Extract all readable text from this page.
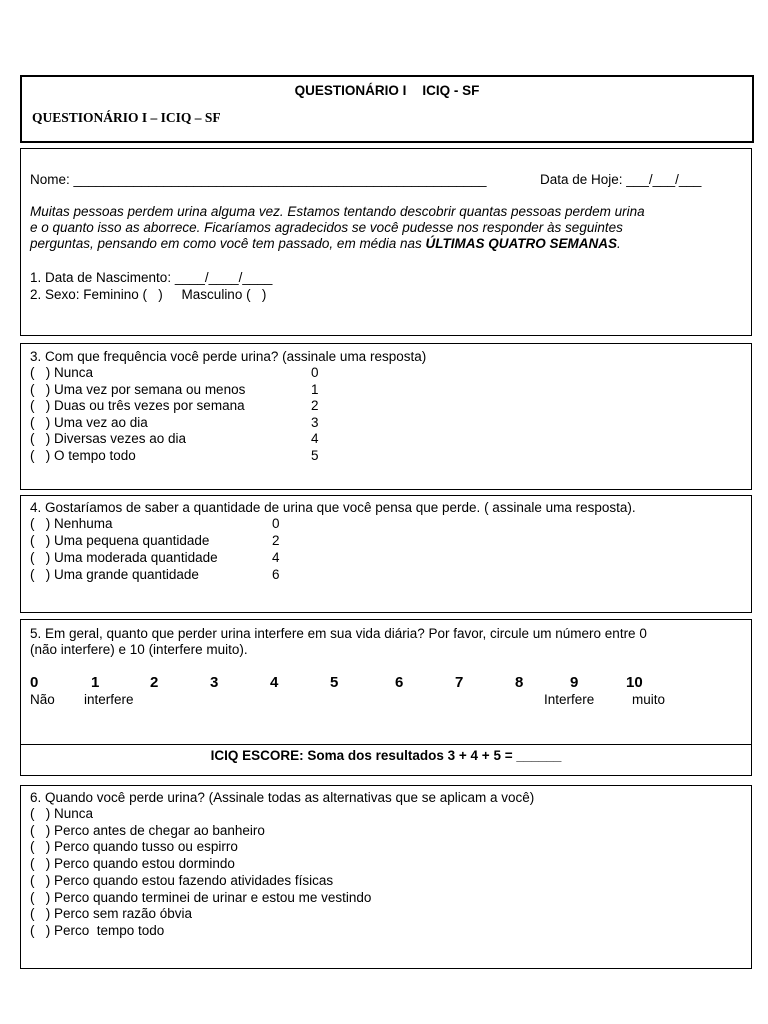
QUESTIONÁRIO I ICIQ - SF
QUESTIONÁRIO I – ICIQ – SF
Nome: _______________________________________________________	Data de Hoje: ___/___/___
Muitas pessoas perdem urina alguma vez. Estamos tentando descobrir quantas pessoas perdem urina
e o quanto isso as aborrece. Ficaríamos agradecidos se você pudesse nos responder às seguintes
perguntas, pensando em como você tem passado, em média nas ÚLTIMAS QUATRO SEMANAS.
1. Data de Nascimento: ____/____/____
2. Sexo: Feminino (   )     Masculino (   )
3. Com que frequência você perde urina? (assinale uma resposta)
(   ) Nunca	0
(   ) Uma vez por semana ou menos	1
(   ) Duas ou três vezes por semana	2
(   ) Uma vez ao dia	3
(   ) Diversas vezes ao dia	4
(   ) O tempo todo	5
4. Gostaríamos de saber a quantidade de urina que você pensa que perde. ( assinale uma resposta).
(   ) Nenhuma	0
(   ) Uma pequena quantidade	2
(   ) Uma moderada quantidade	4
(   ) Uma grande quantidade	6
5. Em geral, quanto que perder urina interfere em sua vida diária? Por favor, circule um número entre 0
(não interfere) e 10 (interfere muito).
0	1	2	3	4	5	6	7	8	9	10
Não interfere	Interfere	muito
ICIQ ESCORE: Soma dos resultados 3 + 4 + 5 = ______
6. Quando você perde urina? (Assinale todas as alternativas que se aplicam a você)
(   ) Nunca
(   ) Perco antes de chegar ao banheiro
(   ) Perco quando tusso ou espirro
(   ) Perco quando estou dormindo
(   ) Perco quando estou fazendo atividades físicas
(   ) Perco quando terminei de urinar e estou me vestindo
(   ) Perco sem razão óbvia
(   ) Perco  tempo todo
